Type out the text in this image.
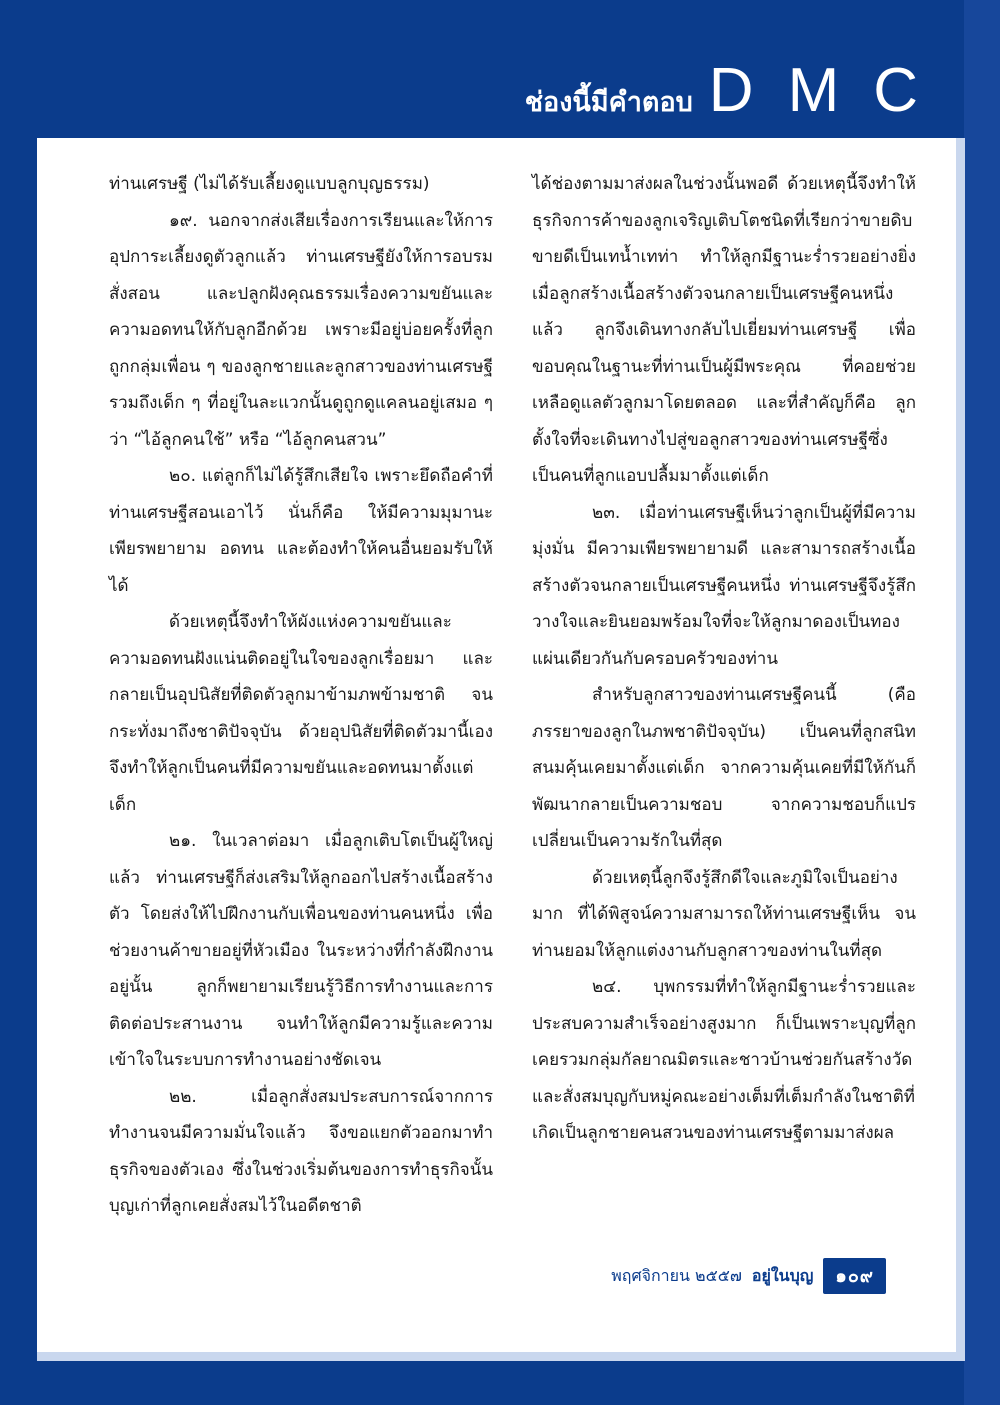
ช่องนี้มีคำตอบ DMC

ท่านเศรษฐี (ไม่ได้รับเลี้ยงดูแบบลูกบุญธรรม)

๑๙. นอกจากส่งเสียเรื่องการเรียนและให้การอุปการะเลี้ยงดูตัวลูกแล้ว ท่านเศรษฐียังให้การอบรมสั่งสอน และปลูกฝังคุณธรรมเรื่องความขยันและความอดทนให้กับลูกอีกด้วย เพราะมีอยู่บ่อยครั้งที่ลูกถูกกลุ่มเพื่อน ๆ ของลูกชายและลูกสาวของท่านเศรษฐี รวมถึงเด็ก ๆ ที่อยู่ในละแวกนั้นดูถูกดูแคลนอยู่เสมอ ๆ ว่า “ไอ้ลูกคนใช้” หรือ “ไอ้ลูกคนสวน”

๒๐. แต่ลูกก็ไม่ได้รู้สึกเสียใจ เพราะยึดถือคำที่ท่านเศรษฐีสอนเอาไว้ นั่นก็คือ ให้มีความมุมานะ เพียรพยายาม อดทน และต้องทำให้คนอื่นยอมรับให้ได้

ด้วยเหตุนี้จึงทำให้ผังแห่งความขยันและความอดทนฝังแน่นติดอยู่ในใจของลูกเรื่อยมา และกลายเป็นอุปนิสัยที่ติดตัวลูกมาข้ามภพข้ามชาติ จนกระทั่งมาถึงชาติปัจจุบัน ด้วยอุปนิสัยที่ติดตัวมานี้เอง จึงทำให้ลูกเป็นคนที่มีความขยันและอดทนมาตั้งแต่เด็ก

๒๑. ในเวลาต่อมา เมื่อลูกเติบโตเป็นผู้ใหญ่แล้ว ท่านเศรษฐีก็ส่งเสริมให้ลูกออกไปสร้างเนื้อสร้างตัว โดยส่งให้ไปฝึกงานกับเพื่อนของท่านคนหนึ่ง เพื่อช่วยงานค้าขายอยู่ที่หัวเมือง ในระหว่างที่กำลังฝึกงานอยู่นั้น ลูกก็พยายามเรียนรู้วิธีการทำงานและการติดต่อประสานงาน จนทำให้ลูกมีความรู้และความเข้าใจในระบบการทำงานอย่างชัดเจน

๒๒. เมื่อลูกสั่งสมประสบการณ์จากการทำงานจนมีความมั่นใจแล้ว จึงขอแยกตัวออกมาทำธุรกิจของตัวเอง ซึ่งในช่วงเริ่มต้นของการทำธุรกิจนั้น บุญเก่าที่ลูกเคยสั่งสมไว้ในอดีตชาติ

ได้ช่องตามมาส่งผลในช่วงนั้นพอดี ด้วยเหตุนี้จึงทำให้ธุรกิจการค้าของลูกเจริญเติบโตชนิดที่เรียกว่าขายดิบขายดีเป็นเทน้ำเทท่า ทำให้ลูกมีฐานะร่ำรวยอย่างยิ่ง เมื่อลูกสร้างเนื้อสร้างตัวจนกลายเป็นเศรษฐีคนหนึ่งแล้ว ลูกจึงเดินทางกลับไปเยี่ยมท่านเศรษฐี เพื่อขอบคุณในฐานะที่ท่านเป็นผู้มีพระคุณ ที่คอยช่วยเหลือดูแลตัวลูกมาโดยตลอด และที่สำคัญก็คือ ลูกตั้งใจที่จะเดินทางไปสู่ขอลูกสาวของท่านเศรษฐีซึ่งเป็นคนที่ลูกแอบปลื้มมาตั้งแต่เด็ก

๒๓. เมื่อท่านเศรษฐีเห็นว่าลูกเป็นผู้ที่มีความมุ่งมั่น มีความเพียรพยายามดี และสามารถสร้างเนื้อสร้างตัวจนกลายเป็นเศรษฐีคนหนึ่ง ท่านเศรษฐีจึงรู้สึกวางใจและยินยอมพร้อมใจที่จะให้ลูกมาดองเป็นทองแผ่นเดียวกันกับครอบครัวของท่าน

สำหรับลูกสาวของท่านเศรษฐีคนนี้ (คือภรรยาของลูกในภพชาติปัจจุบัน) เป็นคนที่ลูกสนิทสนมคุ้นเคยมาตั้งแต่เด็ก จากความคุ้นเคยที่มีให้กันก็พัฒนากลายเป็นความชอบ จากความชอบก็แปรเปลี่ยนเป็นความรักในที่สุด

ด้วยเหตุนี้ลูกจึงรู้สึกดีใจและภูมิใจเป็นอย่างมาก ที่ได้พิสูจน์ความสามารถให้ท่านเศรษฐีเห็น จนท่านยอมให้ลูกแต่งงานกับลูกสาวของท่านในที่สุด

๒๔. บุพกรรมที่ทำให้ลูกมีฐานะร่ำรวยและประสบความสำเร็จอย่างสูงมาก ก็เป็นเพราะบุญที่ลูกเคยรวมกลุ่มกัลยาณมิตรและชาวบ้านช่วยกันสร้างวัด และสั่งสมบุญกับหมู่คณะอย่างเต็มที่เต็มกำลังในชาติที่เกิดเป็นลูกชายคนสวนของท่านเศรษฐีตามมาส่งผล

พฤศจิกายน ๒๕๕๗ อยู่ในบุญ	๑๐๙
